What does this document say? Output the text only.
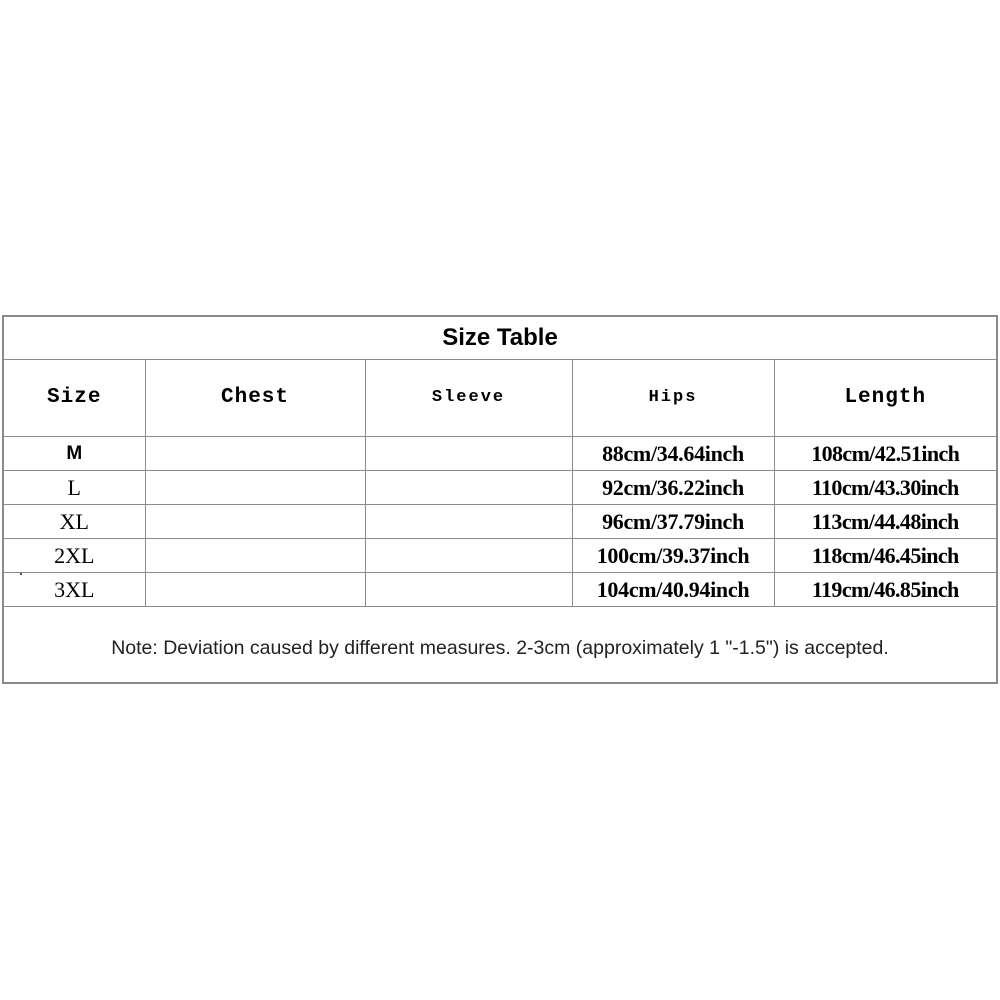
Size Table
Size	Chest	Sleeve	Hips	Length
M			88cm/34.64inch	108cm/42.51inch
L			92cm/36.22inch	110cm/43.30inch
XL			96cm/37.79inch	113cm/44.48inch
2XL			100cm/39.37inch	118cm/46.45inch
3XL			104cm/40.94inch	119cm/46.85inch
Note: Deviation caused by different measures. 2-3cm (approximately 1 "-1.5") is accepted.
